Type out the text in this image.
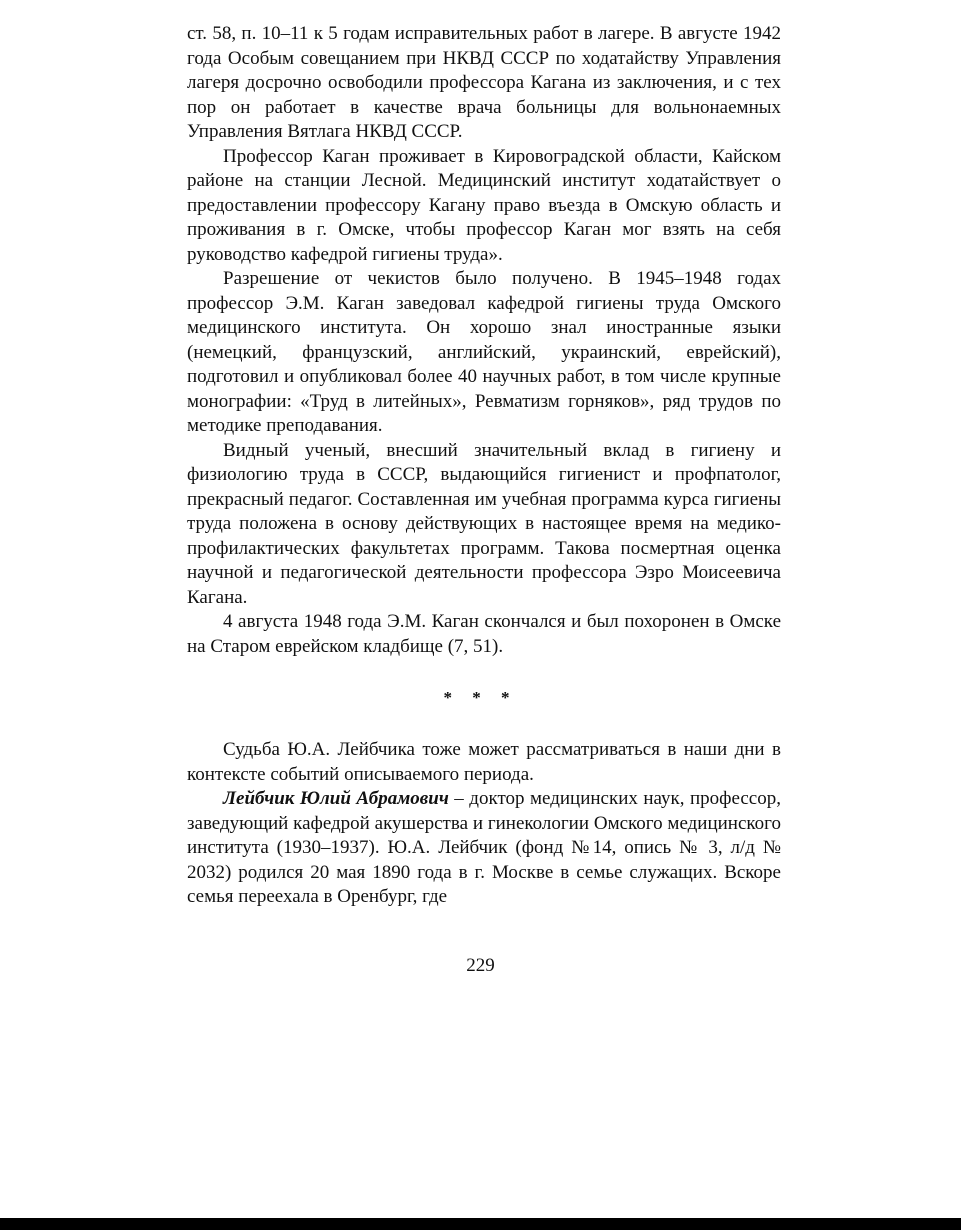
ст. 58, п. 10–11 к 5 годам исправительных работ в лагере. В августе 1942 года Особым совещанием при НКВД СССР по ходатайству Управления лагеря досрочно освободили профессора Кагана из заключения, и с тех пор он работает в качестве врача больницы для вольнонаемных Управления Вятлага НКВД СССР.

Профессор Каган проживает в Кировоградской области, Кайском районе на станции Лесной. Медицинский институт ходатайствует о предоставлении профессору Кагану право въезда в Омскую область и проживания в г. Омске, чтобы профессор Каган мог взять на себя руководство кафедрой гигиены труда».

Разрешение от чекистов было получено. В 1945–1948 годах профессор Э.М. Каган заведовал кафедрой гигиены труда Омского медицинского института. Он хорошо знал иностранные языки (немецкий, французский, английский, украинский, еврейский), подготовил и опубликовал более 40 научных работ, в том числе крупные монографии: «Труд в литейных», Ревматизм горняков», ряд трудов по методике преподавания.

Видный ученый, внесший значительный вклад в гигиену и физиологию труда в СССР, выдающийся гигиенист и профпатолог, прекрасный педагог. Составленная им учебная программа курса гигиены труда положена в основу действующих в настоящее время на медико-профилактических факультетах программ. Такова посмертная оценка научной и педагогической деятельности профессора Эзро Моисеевича Кагана.

4 августа 1948 года Э.М. Каган скончался и был похоронен в Омске на Старом еврейском кладбище (7, 51).

* * *

Судьба Ю.А. Лейбчика тоже может рассматриваться в наши дни в контексте событий описываемого периода.

Лейбчик Юлий Абрамович – доктор медицинских наук, профессор, заведующий кафедрой акушерства и гинекологии Омского медицинского института (1930–1937). Ю.А. Лейбчик (фонд №14, опись № 3, л/д № 2032) родился 20 мая 1890 года в г. Москве в семье служащих. Вскоре семья переехала в Оренбург, где

229
